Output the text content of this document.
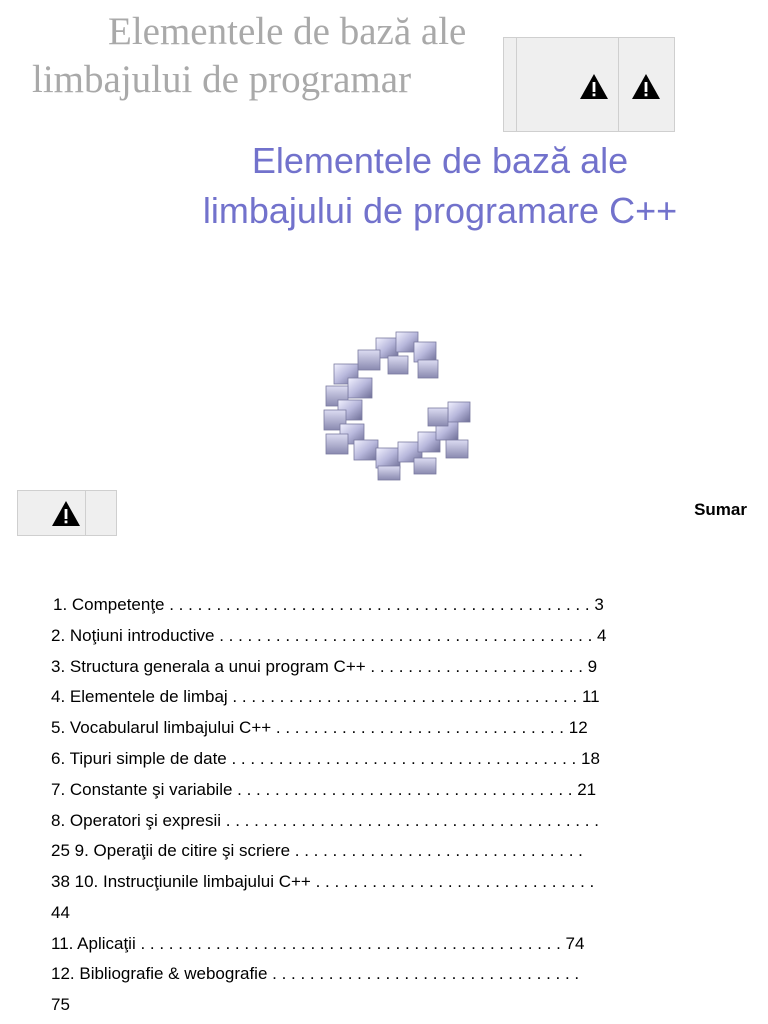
Elementele de bază ale
limbajului de programar
Elementele de bază ale
limbajului de programare C++
Sumar
1. Competenţe . . . . . . . . . . . . . . . . . . . . . . . . . . . . . . . . . . . . . . . . . . . . . 3
2. Noţiuni introductive . . . . . . . . . . . . . . . . . . . . . . . . . . . . . . . . . . . . . . . . 4
3. Structura generala a unui program C++ . . . . . . . . . . . . . . . . . . . . . . . 9
4. Elementele de limbaj . . . . . . . . . . . . . . . . . . . . . . . . . . . . . . . . . . . . . 11
5. Vocabularul limbajului C++ . . . . . . . . . . . . . . . . . . . . . . . . . . . . . . . 12
6. Tipuri simple de date . . . . . . . . . . . . . . . . . . . . . . . . . . . . . . . . . . . . . 18
7. Constante şi variabile . . . . . . . . . . . . . . . . . . . . . . . . . . . . . . . . . . . . 21
8. Operatori şi expresii . . . . . . . . . . . . . . . . . . . . . . . . . . . . . . . . . . . . . . . .
25 9. Operaţii de citire şi scriere . . . . . . . . . . . . . . . . . . . . . . . . . . . . . . .
38 10. Instrucţiunile limbajului C++ . . . . . . . . . . . . . . . . . . . . . . . . . . . . . .
44
11. Aplicaţii . . . . . . . . . . . . . . . . . . . . . . . . . . . . . . . . . . . . . . . . . . . . . 74
12. Bibliografie & webografie . . . . . . . . . . . . . . . . . . . . . . . . . . . . . . . . .
75
